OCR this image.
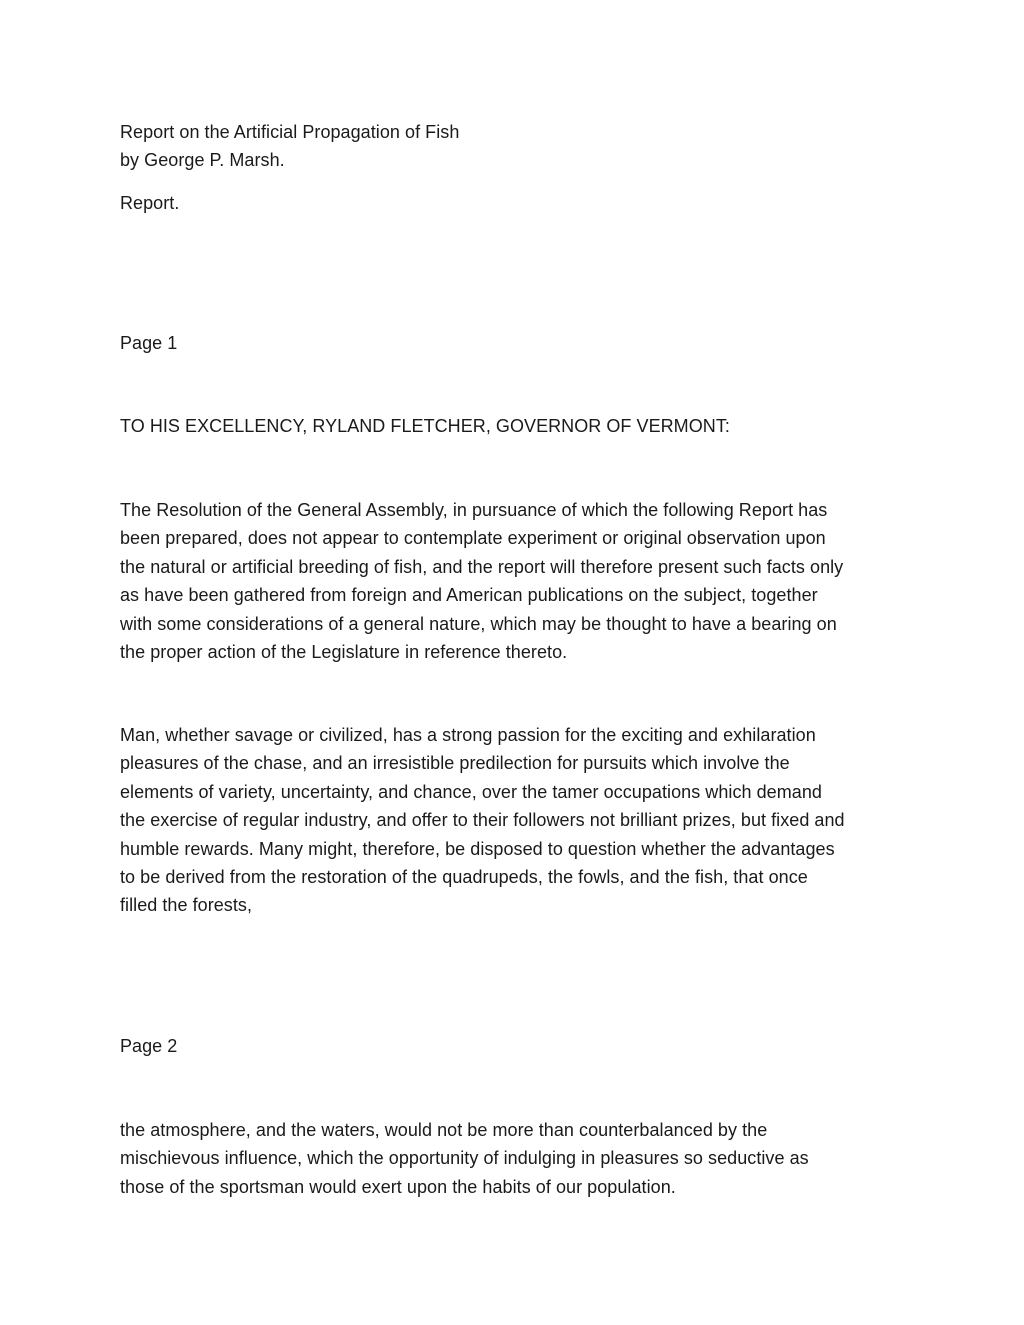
Report on the Artificial Propagation of Fish
by George P. Marsh.
Report.
Page 1
TO HIS EXCELLENCY, RYLAND FLETCHER, GOVERNOR OF VERMONT:
The Resolution of the General Assembly, in pursuance of which the following Report has
been prepared, does not appear to contemplate experiment or original observation upon
the natural or artificial breeding of fish, and the report will therefore present such facts only
as have been gathered from foreign and American publications on the subject, together
with some considerations of a general nature, which may be thought to have a bearing on
the proper action of the Legislature in reference thereto.
Man, whether savage or civilized, has a strong passion for the exciting and exhilaration
pleasures of the chase, and an irresistible predilection for pursuits which involve the
elements of variety, uncertainty, and chance, over the tamer occupations which demand
the exercise of regular industry, and offer to their followers not brilliant prizes, but fixed and
humble rewards. Many might, therefore, be disposed to question whether the advantages
to be derived from the restoration of the quadrupeds, the fowls, and the fish, that once
filled the forests,
Page 2
the atmosphere, and the waters, would not be more than counterbalanced by the
mischievous influence, which the opportunity of indulging in pleasures so seductive as
those of the sportsman would exert upon the habits of our population.
